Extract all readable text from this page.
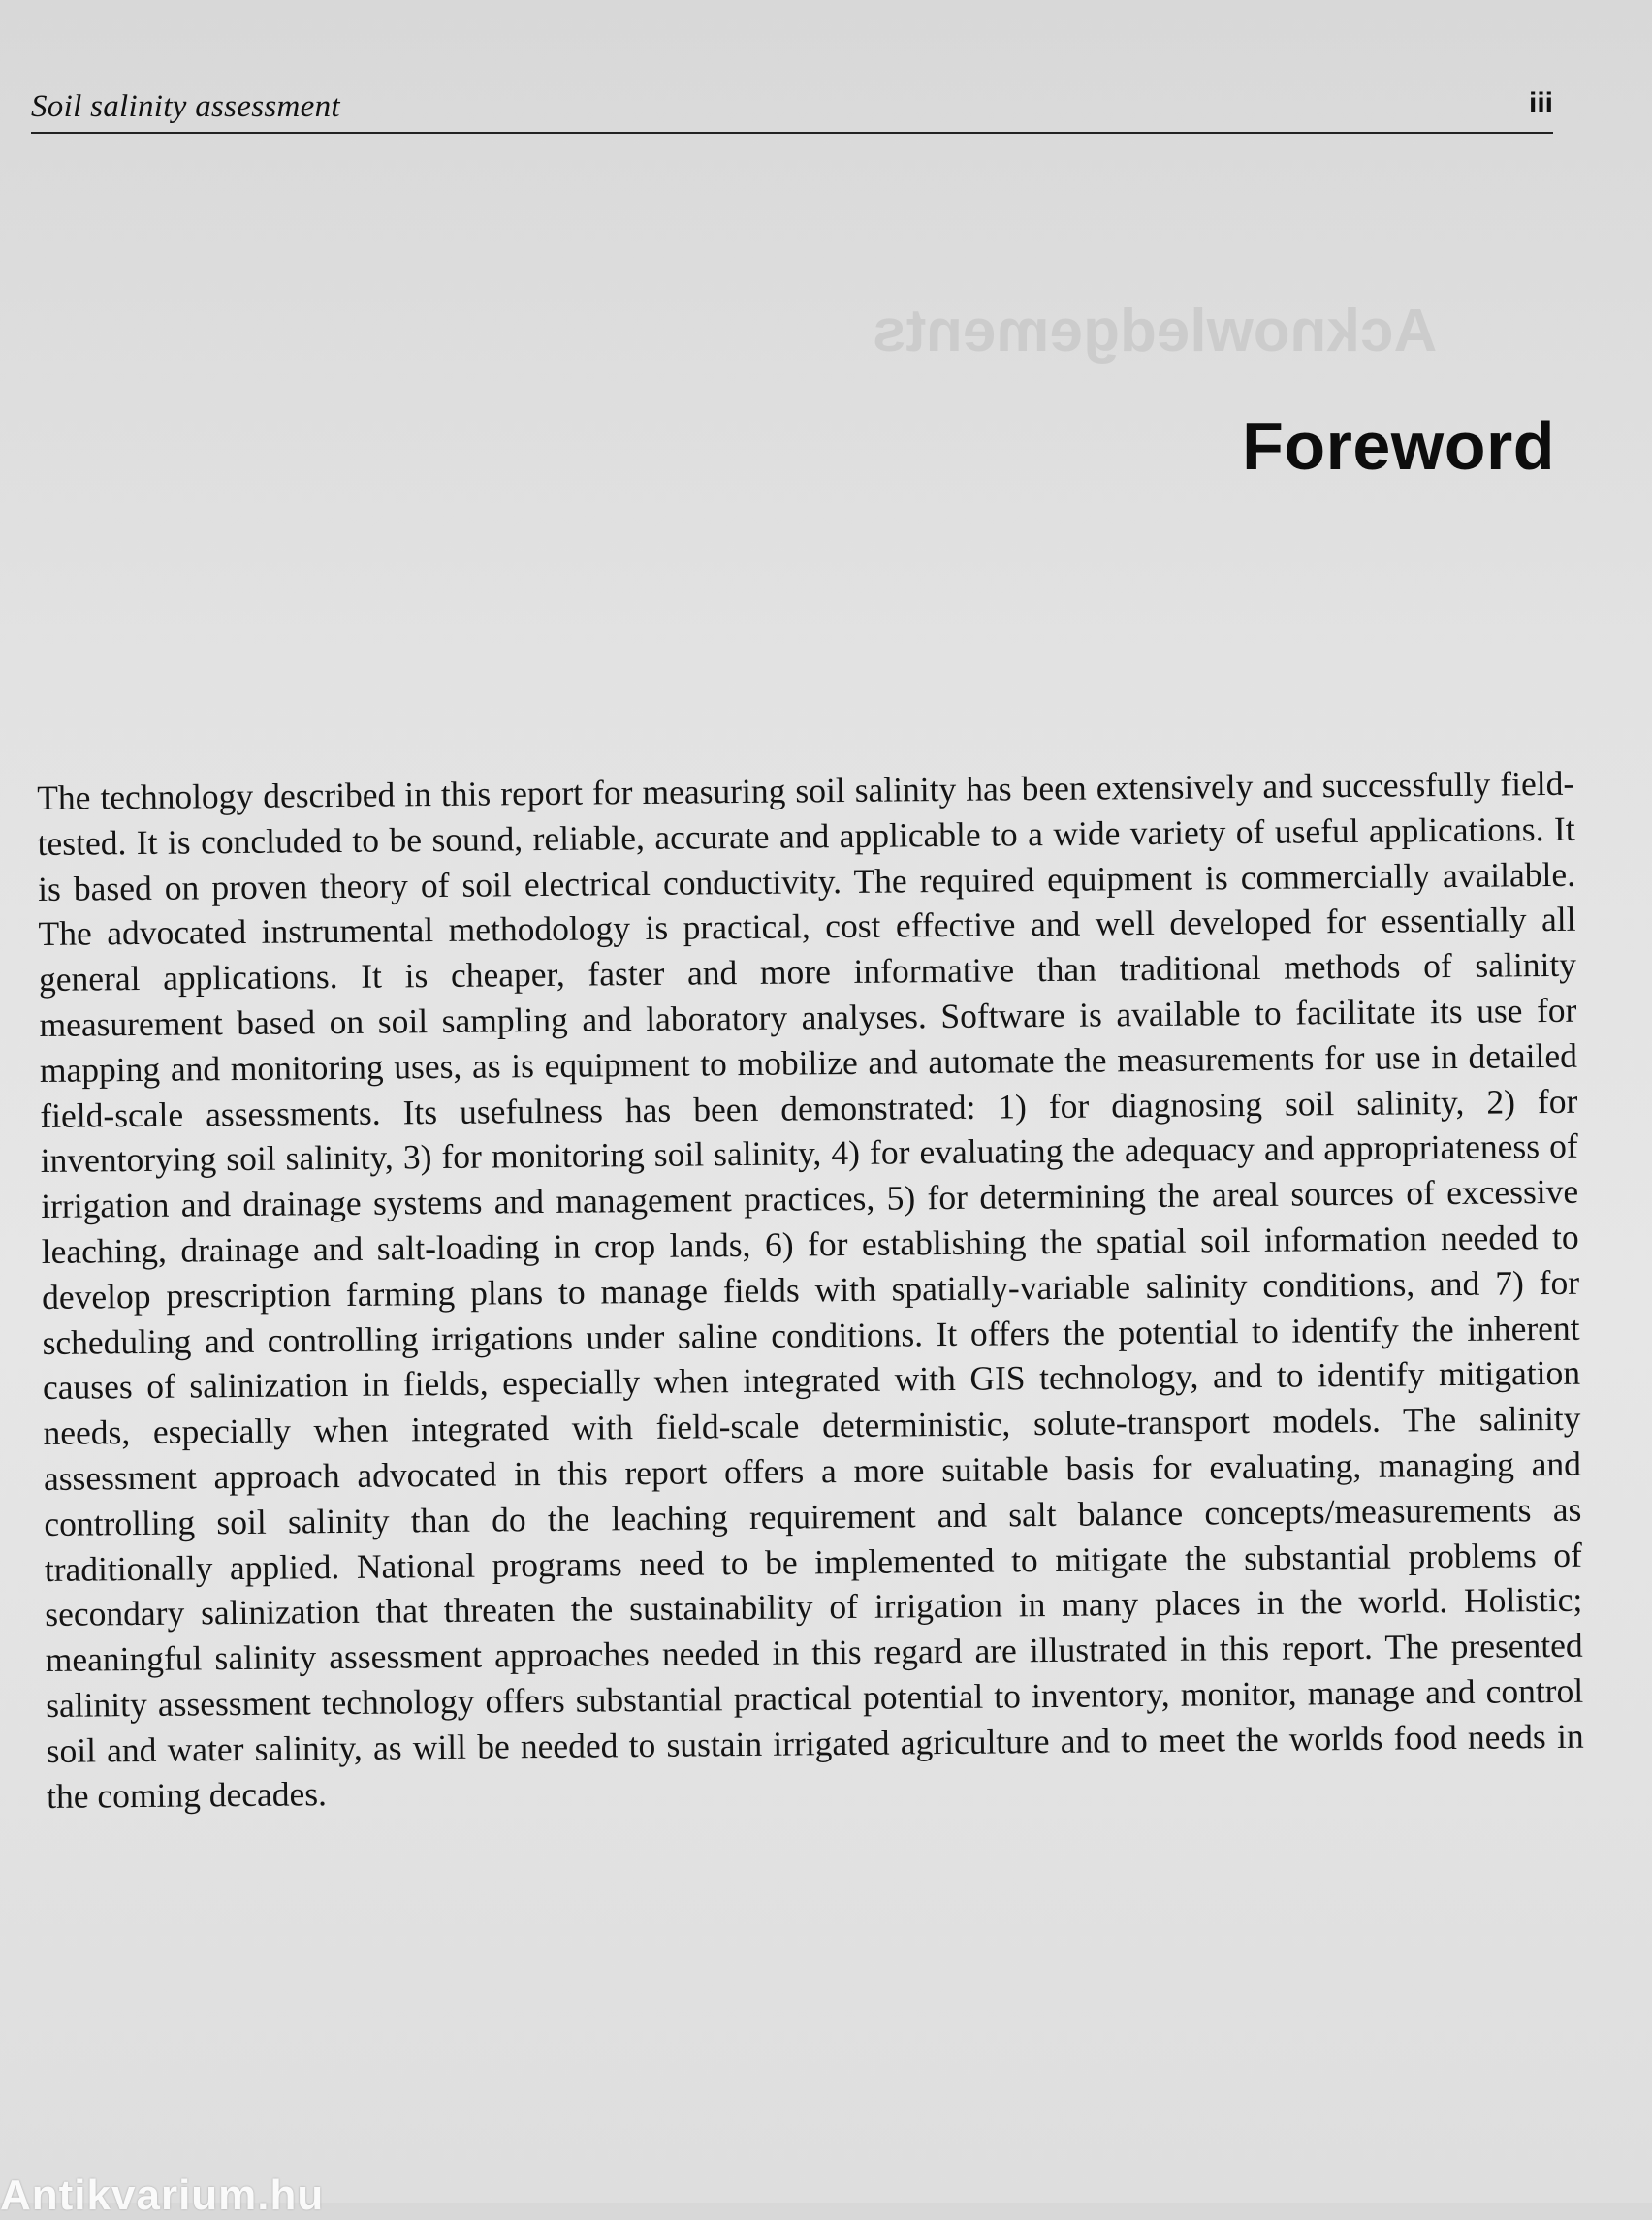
Soil salinity assessment	iii
Acknowledgements
Foreword

The technology described in this report for measuring soil salinity has been extensively and successfully field-tested. It is concluded to be sound, reliable, accurate and applicable to a wide variety of useful applications. It is based on proven theory of soil electrical conductivity. The required equipment is commercially available. The advocated instrumental methodology is practical, cost effective and well developed for essentially all general applications. It is cheaper, faster and more informative than traditional methods of salinity measurement based on soil sampling and laboratory analyses. Software is available to facilitate its use for mapping and monitoring uses, as is equipment to mobilize and automate the measurements for use in detailed field-scale assessments. Its usefulness has been demonstrated: 1) for diagnosing soil salinity, 2) for inventorying soil salinity, 3) for monitoring soil salinity, 4) for evaluating the adequacy and appropriateness of irrigation and drainage systems and management practices, 5) for determining the areal sources of excessive leaching, drainage and salt-loading in crop lands, 6) for establishing the spatial soil information needed to develop prescription farming plans to manage fields with spatially-variable salinity conditions, and 7) for scheduling and controlling irrigations under saline conditions. It offers the potential to identify the inherent causes of salinization in fields, especially when integrated with GIS technology, and to identify mitigation needs, especially when integrated with field-scale deterministic, solute-transport models. The salinity assessment approach advocated in this report offers a more suitable basis for evaluating, managing and controlling soil salinity than do the leaching requirement and salt balance concepts/measurements as traditionally applied. National programs need to be implemented to mitigate the substantial problems of secondary salinization that threaten the sustainability of irrigation in many places in the world. Holistic; meaningful salinity assessment approaches needed in this regard are illustrated in this report. The presented salinity assessment technology offers substantial practical potential to inventory, monitor, manage and control soil and water salinity, as will be needed to sustain irrigated agriculture and to meet the worlds food needs in the coming decades.

Antikvarium.hu
